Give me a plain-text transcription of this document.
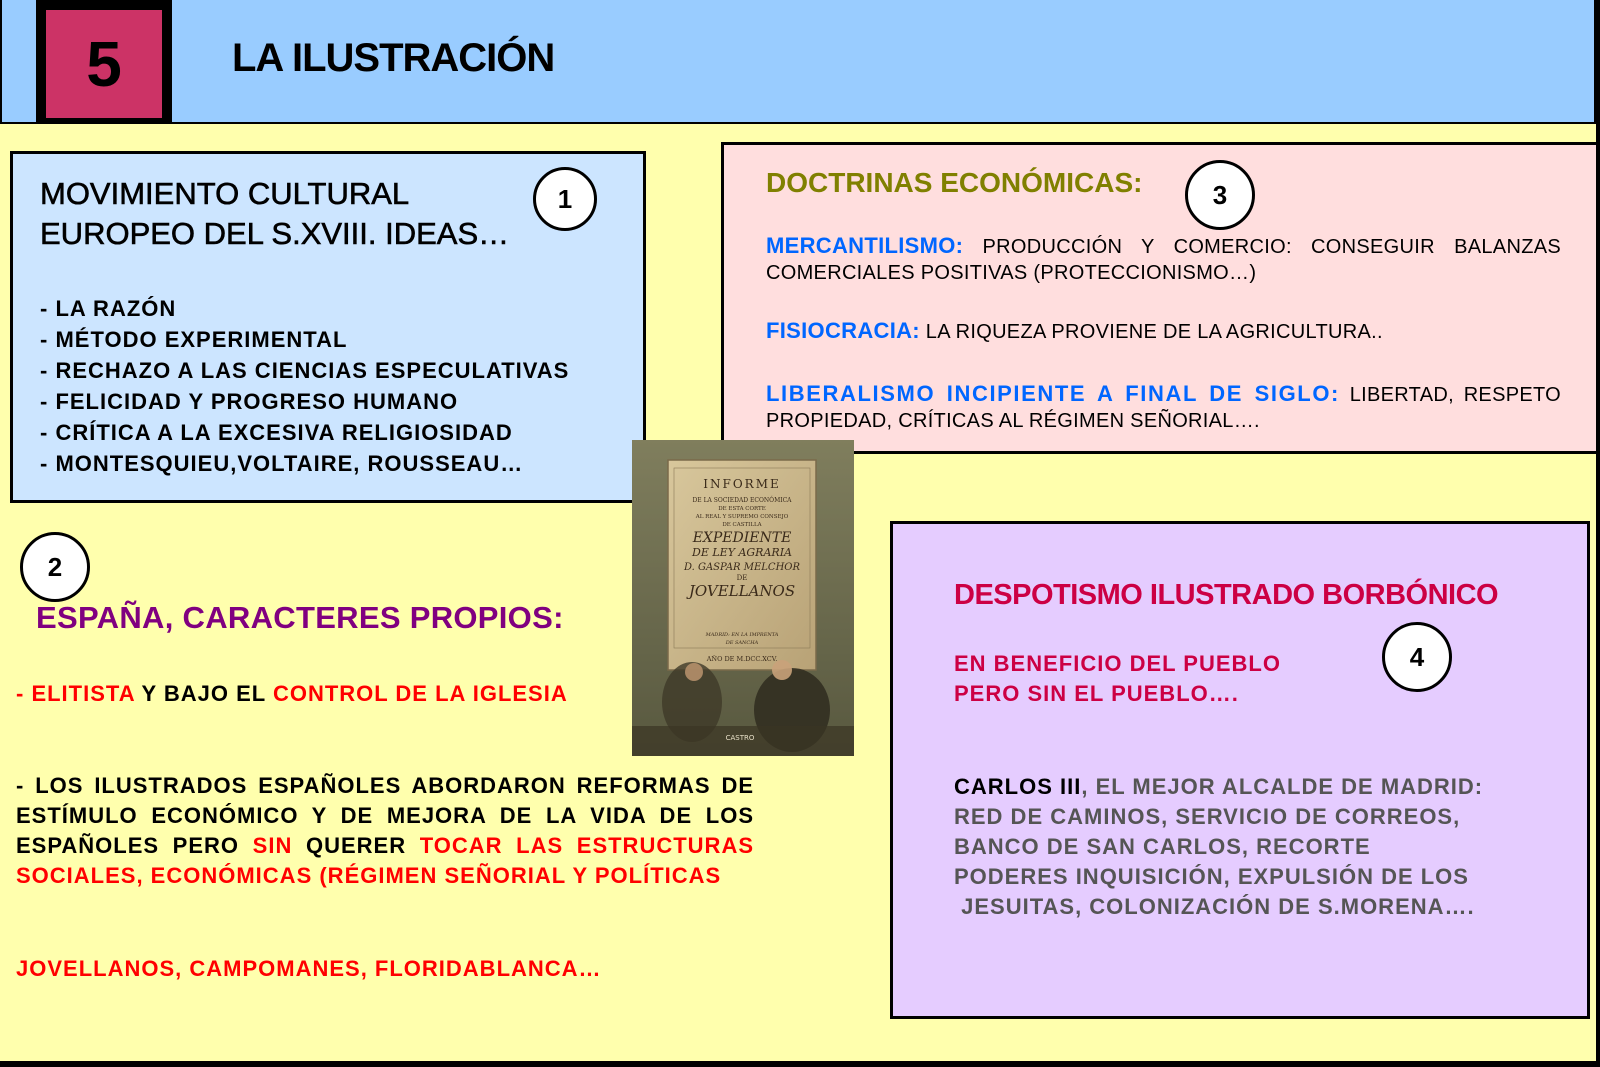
5	LA ILUSTRACIÓN
MOVIMIENTO CULTURAL
EUROPEO DEL S.XVIII. IDEAS…
- LA RAZÓN
- MÉTODO EXPERIMENTAL
- RECHAZO A LAS CIENCIAS ESPECULATIVAS
- FELICIDAD Y PROGRESO HUMANO
- CRÍTICA A LA EXCESIVA RELIGIOSIDAD
- MONTESQUIEU,VOLTAIRE, ROUSSEAU…
1
DOCTRINAS ECONÓMICAS:
MERCANTILISMO: PRODUCCIÓN Y COMERCIO: CONSEGUIR BALANZAS COMERCIALES POSITIVAS (PROTECCIONISMO…)
FISIOCRACIA: LA RIQUEZA PROVIENE DE LA AGRICULTURA..
LIBERALISMO INCIPIENTE A FINAL DE SIGLO: LIBERTAD, RESPETO PROPIEDAD, CRÍTICAS AL RÉGIMEN SEÑORIAL….
3
DESPOTISMO ILUSTRADO BORBÓNICO
EN BENEFICIO DEL PUEBLO
PERO SIN EL PUEBLO….
CARLOS III, EL MEJOR ALCALDE DE MADRID:
RED DE CAMINOS, SERVICIO DE CORREOS,
BANCO DE SAN CARLOS, RECORTE
PODERES INQUISICIÓN, EXPULSIÓN DE LOS
JESUITAS, COLONIZACIÓN DE S.MORENA….
4
2
ESPAÑA, CARACTERES PROPIOS:
- ELITISTA Y BAJO EL CONTROL DE LA IGLESIA
- LOS ILUSTRADOS ESPAÑOLES ABORDARON REFORMAS DE ESTÍMULO ECONÓMICO Y DE MEJORA DE LA VIDA DE LOS ESPAÑOLES PERO SIN QUERER TOCAR LAS ESTRUCTURAS SOCIALES, ECONÓMICAS (RÉGIMEN SEÑORIAL Y POLÍTICAS
JOVELLANOS, CAMPOMANES, FLORIDABLANCA…
INFORME
DE LA SOCIEDAD ECONÓMICA
DE ESTA CORTE
AL REAL Y SUPREMO CONSEJO
DE CASTILLA
EXPEDIENTE
DE LEY AGRARIA
D. GASPAR MELCHOR
DE
JOVELLANOS
MADRID: EN LA IMPRENTA
DE SANCHA
AÑO DE M.DCC.XCV.
CASTRO
